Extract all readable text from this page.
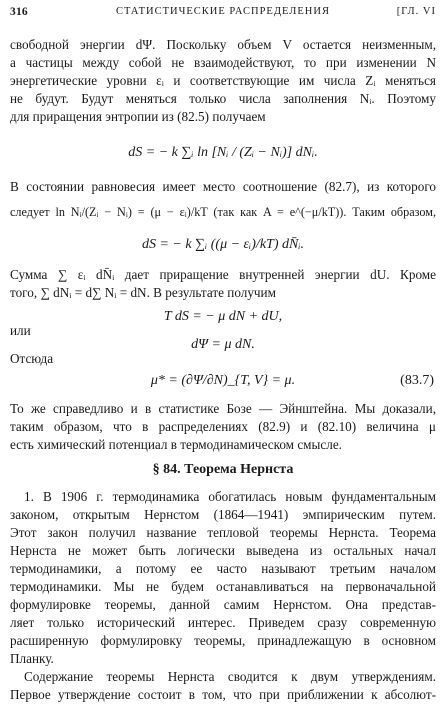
316	СТАТИСТИЧЕСКИЕ РАСПРЕДЕЛЕНИЯ	[ГЛ. VI
свободной энергии dΨ. Поскольку объем V остается неизменным,
а частицы между собой не взаимодействуют, то при изменении N
энергетические уровни εᵢ и соответствующие им числа Zᵢ меняться
не будут. Будут меняться только числа заполнения Nᵢ. Поэтому
для приращения энтропии из (82.5) получаем
dS = − k ∑ᵢ ln [Nᵢ / (Zᵢ − Nᵢ)] dNᵢ.
В состоянии равновесия имеет место соотношение (82.7), из которого
следует ln Nᵢ/(Zᵢ − Nᵢ) = (μ − εᵢ)/kT (так как A = e^(−μ/kT)). Таким образом,
dS = − k ∑ᵢ ((μ − εᵢ)/kT) dN̄ᵢ.
Сумма ∑ εᵢ dN̄ᵢ дает приращение внутренней энергии dU. Кроме
того, ∑ dNᵢ = d∑ Nᵢ = dN. В результате получим
T dS = − μ dN + dU,
или
dΨ = μ dN.
Отсюда
μ* = (∂Ψ/∂N)_{T, V} = μ.	(83.7)
То же справедливо и в статистике Бозе — Эйнштейна. Мы доказали,
таким образом, что в распределениях (82.9) и (82.10) величина μ
есть химический потенциал в термодинамическом смысле.
§ 84. Теорема Нернста
1. В 1906 г. термодинамика обогатилась новым фундаментальным
законом, открытым Нернстом (1864—1941) эмпирическим путем.
Этот закон получил название тепловой теоремы Нернста. Теорема
Нернста не может быть логически выведена из остальных начал
термодинамики, а потому ее часто называют третьим началом
термодинамики. Мы не будем останавливаться на первоначальной
формулировке теоремы, данной самим Нернстом. Она представ-
ляет только исторический интерес. Приведем сразу современную
расширенную формулировку теоремы, принадлежащую в основном
Планку.
Содержание теоремы Нернста сводится к двум утверждениям.
Первое утверждение состоит в том, что при приближении к абсолют-
